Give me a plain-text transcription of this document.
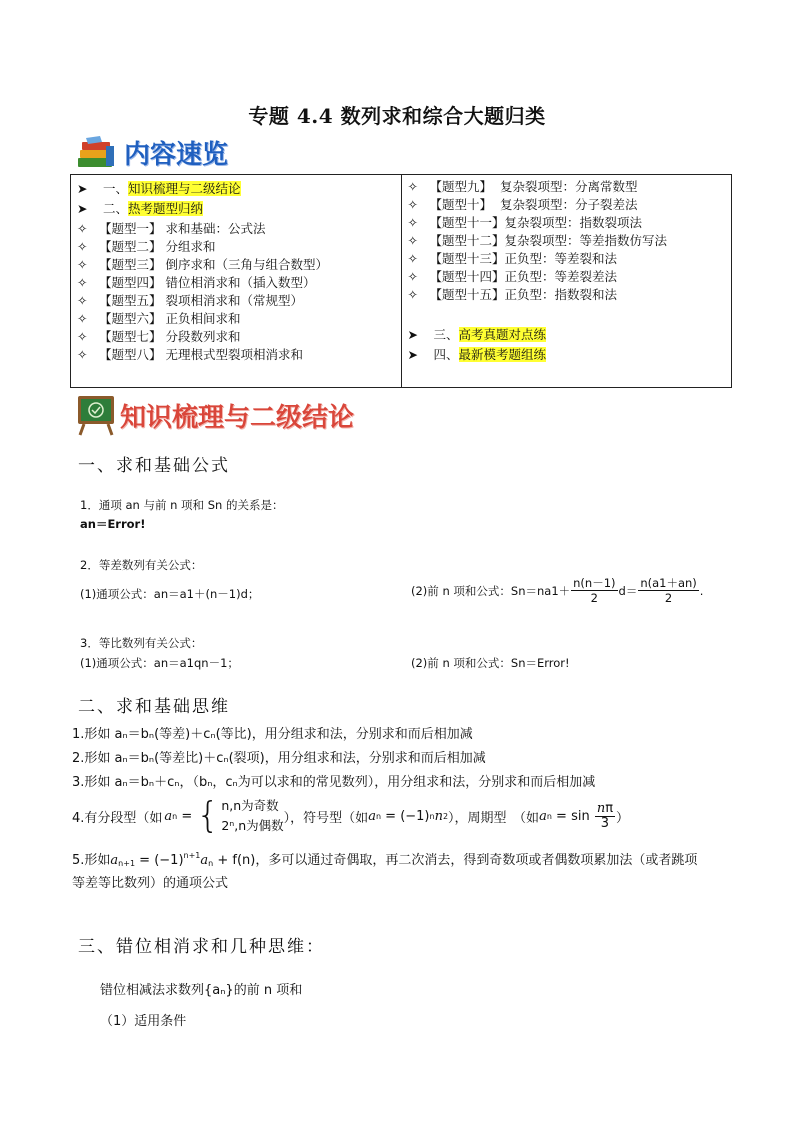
专题 4.4 数列求和综合大题归类
内容速览
➤ 一、知识梳理与二级结论
➤ 二、热考题型归纳
✧ 【题型一】 求和基础：公式法
✧ 【题型二】 分组求和
✧ 【题型三】 倒序求和（三角与组合数型）
✧ 【题型四】 错位相消求和（插入数型）
✧ 【题型五】 裂项相消求和（常规型）
✧ 【题型六】 正负相间求和
✧ 【题型七】 分段数列求和
✧ 【题型八】 无理根式型裂项相消求和
✧ 【题型九】 复杂裂项型：分离常数型
✧ 【题型十】 复杂裂项型：分子裂差法
✧ 【题型十一】复杂裂项型：指数裂项法
✧ 【题型十二】复杂裂项型：等差指数仿写法
✧ 【题型十三】正负型：等差裂和法
✧ 【题型十四】正负型：等差裂差法
✧ 【题型十五】正负型：指数裂和法
➤ 三、高考真题对点练
➤ 四、最新模考题组练
知识梳理与二级结论
一、求和基础公式
1．通项 an 与前 n 项和 Sn 的关系是：
an＝Error!
2．等差数列有关公式：
(1)通项公式：an＝a1＋(n－1)d；	(2)前 n 项和公式：$Sn=na1+ \frac{n(n-1)}{2} d= \frac{n(a1+an)}{2}$ .
3．等比数列有关公式：
(1)通项公式：an＝a1qn－1；	(2)前 n 项和公式：Sn＝Error!
二、求和基础思维
1.形如 aₙ＝bₙ(等差)＋cₙ(等比)，用分组求和法，分别求和而后相加减
2.形如 aₙ＝bₙ(等差比)＋cₙ(裂项)，用分组求和法，分别求和而后相加减
3.形如 aₙ＝bₙ＋cₙ，（bₙ，cₙ为可以求和的常见数列），用分组求和法，分别求和而后相加减
4.有分段型（如 a n = { n,n为奇数
2ⁿ,n为偶数 ），符号型（如 a n = (−1) n n 2 ），周期型　（如 a $n = \sin \frac{n\pi}{3}$ ）
5.形如$a_{n+1} = (-1)^{n+1}a_n + f(n)$，多可以通过奇偶取，再二次消去，得到奇数项或者偶数项累加法（或者跳项
等差等比数列）的通项公式
三、错位相消求和几种思维：
错位相减法求数列{aₙ}的前 n 项和
（1）适用条件
